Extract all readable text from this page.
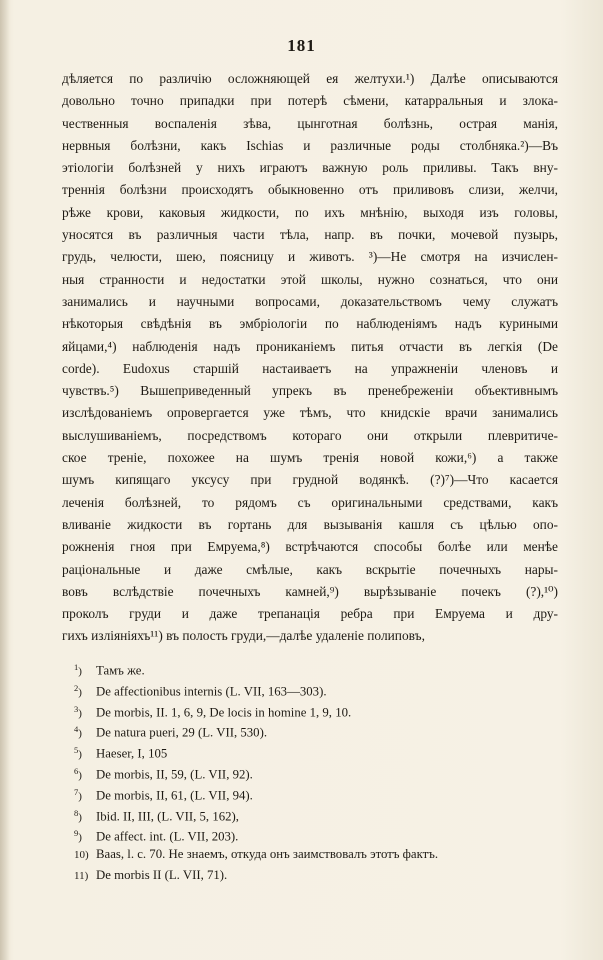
181
дѣляется по различію осложняющей ея желтухи.¹) Далѣе описываются
довольно точно припадки при потерѣ сѣмени, катарральныя и злока-
чественныя воспаленія зѣва, цынготная болѣзнь, острая манія,
нервныя болѣзни, какъ Ischias и различные роды столбняка.²)—Въ
этіологіи болѣзней у нихъ играютъ важную роль приливы. Такъ вну-
треннія болѣзни происходятъ обыкновенно отъ приливовъ слизи, желчи,
рѣже крови, каковыя жидкости, по ихъ мнѣнію, выходя изъ головы,
уносятся въ различныя части тѣла, напр. въ почки, мочевой пузырь,
грудь, челюсти, шею, поясницу и животъ. ³)—Не смотря на изчислен-
ныя странности и недостатки этой школы, нужно сознаться, что они
занимались и научными вопросами, доказательствомъ чему служатъ
нѣкоторыя свѣдѣнія въ эмбріологіи по наблюденіямъ надъ куриными
яйцами,⁴) наблюденія надъ прониканіемъ питья отчасти въ легкія (De
corde). Eudoxus старшій настаиваетъ на упражненіи членовъ и
чувствъ.⁵) Вышеприведенный упрекъ въ пренебреженіи объективнымъ
изслѣдованіемъ опровергается уже тѣмъ, что книдскіе врачи занимались
выслушиваніемъ, посредствомъ котораго они открыли плевритиче-
ское треніе, похожее на шумъ тренія новой кожи,⁶) а также
шумъ кипящаго уксусу при грудной водянкѣ. (?)⁷)—Что касается
леченія болѣзней, то рядомъ съ оригинальными средствами, какъ
вливаніе жидкости въ гортань для вызыванія кашля съ цѣлью опо-
рожненія гноя при Емруема,⁸) встрѣчаются способы болѣе или менѣе
раціональные и даже смѣлые, какъ вскрытіе почечныхъ нары-
вовъ вслѣдствіе почечныхъ камней,⁹) вырѣзываніе почекъ (?),¹⁰)
проколъ груди и даже трепанація ребра при Емруема и дру-
гихъ изліяніяхъ¹¹) въ полость груди,—далѣе удаленіе полиповъ,
$^1$) Тамъ же.
$^2$) De affectionibus internis (L. VII, 163—303).
$^3$) De morbis, II. 1, 6, 9, De locis in homine 1, 9, 10.
$^4$) De natura pueri, 29 (L. VII, 530).
$^5$) Haeser, I, 105
$^6$) De morbis, II, 59, (L. VII, 92).
$^7$) De morbis, II, 61, (L. VII, 94).
$^8$) Ibid. II, III, (L. VII, 5, 162),
$^9$) De affect. int. (L. VII, 203).
10) Baas, l. c. 70. Не знаемъ, откуда онъ заимствовалъ этотъ фактъ.
11) De morbis II (L. VII, 71).
